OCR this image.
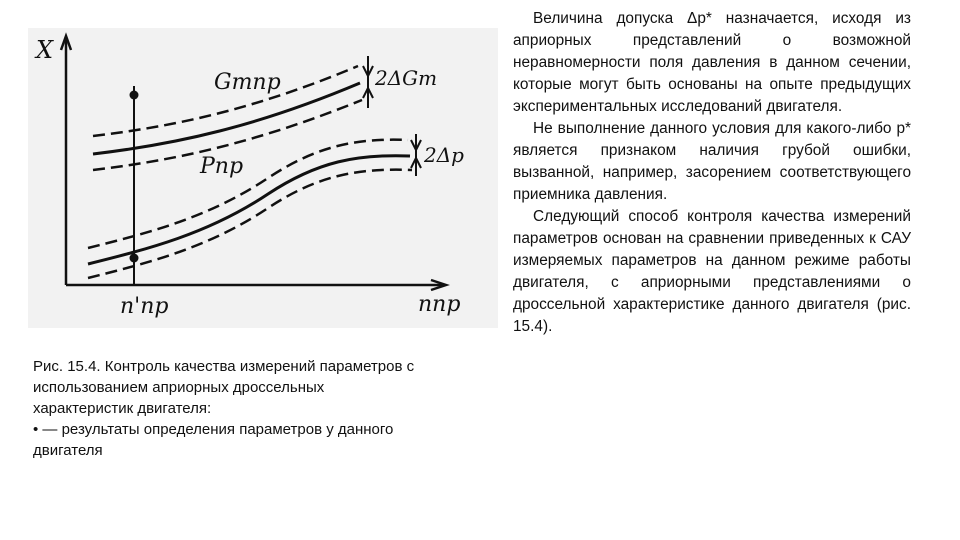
X
nпр
n'пр
Gmпр
Pпр
2ΔGm
2Δp
Рис. 15.4. Контроль качества измерений параметров с
использованием априорных дроссельных
характеристик двигателя:
• — результаты определения параметров у данного
двигателя

Величина допуска Δр* назначается, исходя из априорных представлений о возможной неравномерности поля давления в данном сечении, которые могут быть основаны на опыте предыдущих экспериментальных исследований двигателя.

Не выполнение данного условия для какого-либо р* является признаком наличия грубой ошибки, вызванной, например, засорением соответствующего приемника давления.

Следующий способ контроля качества измерений параметров основан на сравнении приведенных к САУ измеряемых параметров на данном режиме работы двигателя, с априорными представлениями о дроссельной характеристике данного двигателя (рис. 15.4).
